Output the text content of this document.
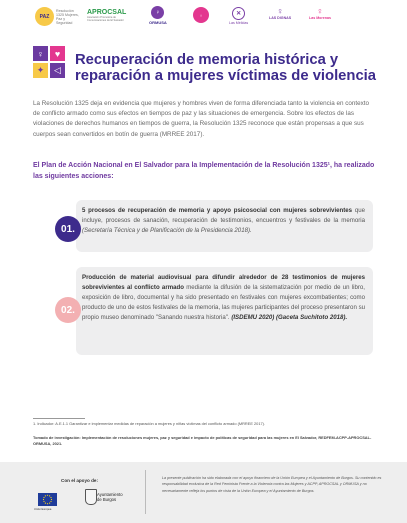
PAZ
Resolución 1325 Mujeres, Paz y Seguridad
APROCSAL
Asociación Promotora de Comunicaciones de El Salvador
♀
ORMUSA
♀	✕
Las Mélidas
♀
LAS DIGNAS
♀
Las Morenas
♀	♥
✦	◁
Recuperación de memoria histórica y reparación a mujeres víctimas de violencia

La Resolución 1325 deja en evidencia que mujeres y hombres viven de forma diferenciada tanto la violencia en contexto de conflicto armado como sus efectos en tiempos de paz y las situaciones de emergencia. Sobre los efectos de las violaciones de derechos humanos en tiempos de guerra, la Resolución 1325 reconoce que están propensas a que sus cuerpos sean convertidos en botín de guerra (MRREE 2017).

El Plan de Acción Nacional en El Salvador para la Implementación de la Resolución 1325¹, ha realizado las siguientes acciones:

5 procesos de recuperación de memoria y apoyo psicosocial con mujeres sobrevivientes que incluye, procesos de sanación, recuperación de testimonios, encuentros y festivales de la memoria (Secretaría Técnica y de Planificación de la Presidencia 2018).

01.

Producción de material audiovisual para difundir alrededor de 28 testimonios de mujeres sobrevivientes al conflicto armado mediante la difusión de la sistematización por medio de un libro, exposición de libro, documental y ha sido presentado en festivales con mujeres excombatientes; como producto de uno de estos festivales de la memoria, las mujeres participantes del proceso presentaron su propio museo denominado "Sanando nuestra historia". (ISDEMU 2020) (Gaceta Suchitoto 2018).

02.

1. Indicador: A.E.1.1 Garantizar e implementar medidas de reparación a mujeres y niñas víctimas del conflicto armado (MRREE 2017).

Tomado de investigación: Implementación de resoluciones mujeres, paz y seguridad e impacto de políticas de seguridad para las mujeres en El Salvador, REDFEM-ACPP-APROCSAL-ORMUSA, 2021.

Con el apoyo de:
Unión Europea
Ayuntamiento
de Burgos

La presente publicación ha sido elaborada con el apoyo financiero de la Unión Europea y el Ayuntamiento de Burgos. Su contenido es responsabilidad exclusiva de la Red Feminista Frente a la Violencia contra las Mujeres y ACPP, APROCSAL y ORMUSA y no necesariamente refleja los puntos de vista de la Unión Europea y el Ayuntamiento de Burgos.
